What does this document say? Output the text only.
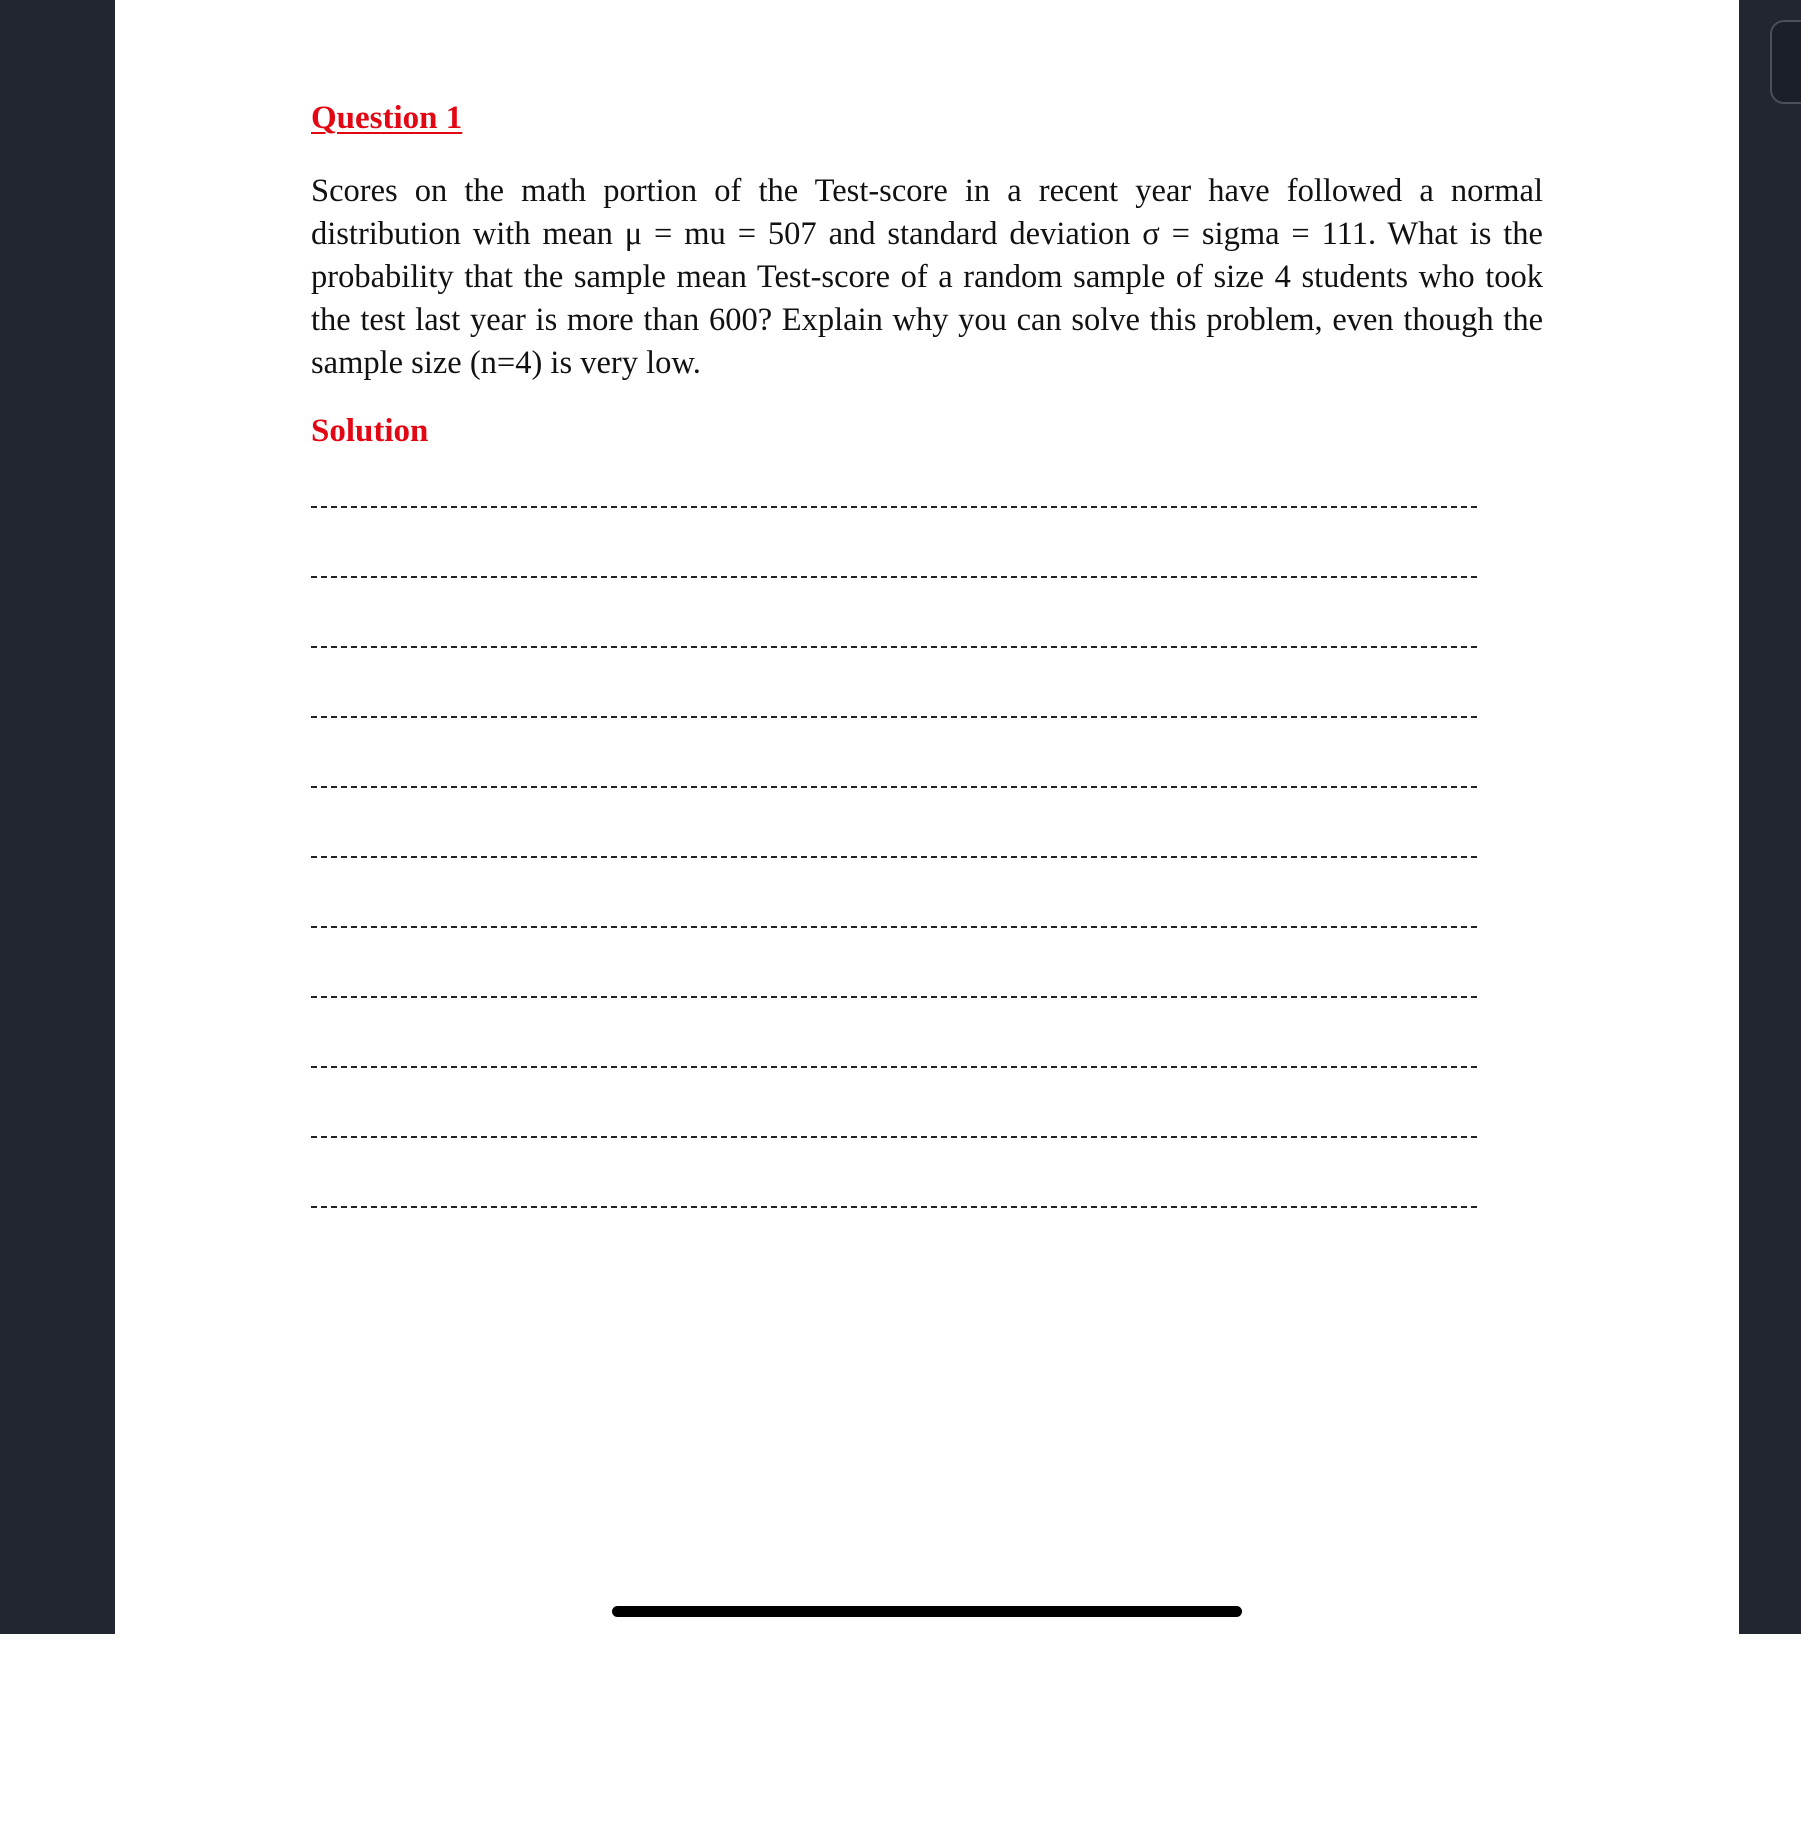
Question 1
Scores on the math portion of the Test-score in a recent year have followed a normal distribution with mean μ = mu = 507 and standard deviation σ = sigma = 111. What is the probability that the sample mean Test-score of a random sample of size 4 students who took the test last year is more than 600? Explain why you can solve this problem, even though the sample size (n=4) is very low.
Solution
